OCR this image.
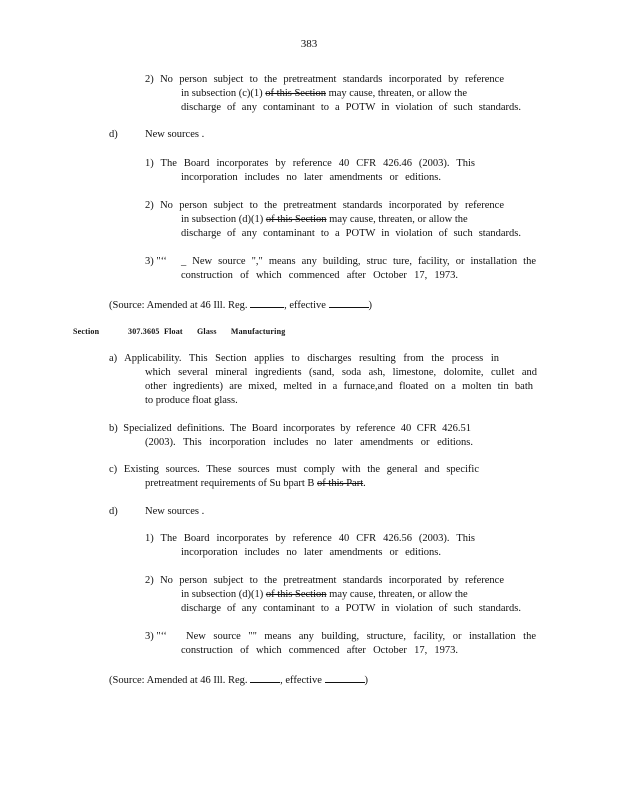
383
2) No person subject to the pretreatment standards incorporated by reference
in subsection (c)(1) of this Section may cause, threaten, or allow the
discharge of any contaminant to a POTW in violation of such standards.
d)	New sources .
1) The Board incorporates by reference 40 CFR 426.46 (2003). This
incorporation includes no later amendments or editions.
2) No person subject to the pretreatment standards incorporated by reference
in subsection (d)(1) of this Section may cause, threaten, or allow the
discharge of any contaminant to a POTW in violation of such standards.
3) "‘‘ _ New source "," means any building, struc ture, facility, or installation the
construction of which commenced after October 17, 1973.
(Source: Amended at 46 Ill. Reg.	, effective	)
Section	307.3605 Float Glass Manufacturing
a) Applicability. This Section applies to discharges resulting from the process in
which several mineral ingredients (sand, soda ash, limestone, dolomite, cullet and
other ingredients) are mixed, melted in a furnace,and floated on a molten tin bath
to produce float glass.
b) Specialized definitions. The Board incorporates by reference 40 CFR 426.51
(2003). This incorporation includes no later amendments or editions.
c) Existing sources. These sources must comply with the general and specific
pretreatment requirements of Su bpart B of this Part.
d)	New sources .
1) The Board incorporates by reference 40 CFR 426.56 (2003). This
incorporation includes no later amendments or editions.
2) No person subject to the pretreatment standards incorporated by reference
in subsection (d)(1) of this Section may cause, threaten, or allow the
discharge of any contaminant to a POTW in violation of such standards.
3) "‘‘ New source "" means any building, structure, facility, or installation the
construction of which commenced after October 17, 1973.
(Source: Amended at 46 Ill. Reg.	, effective	)
